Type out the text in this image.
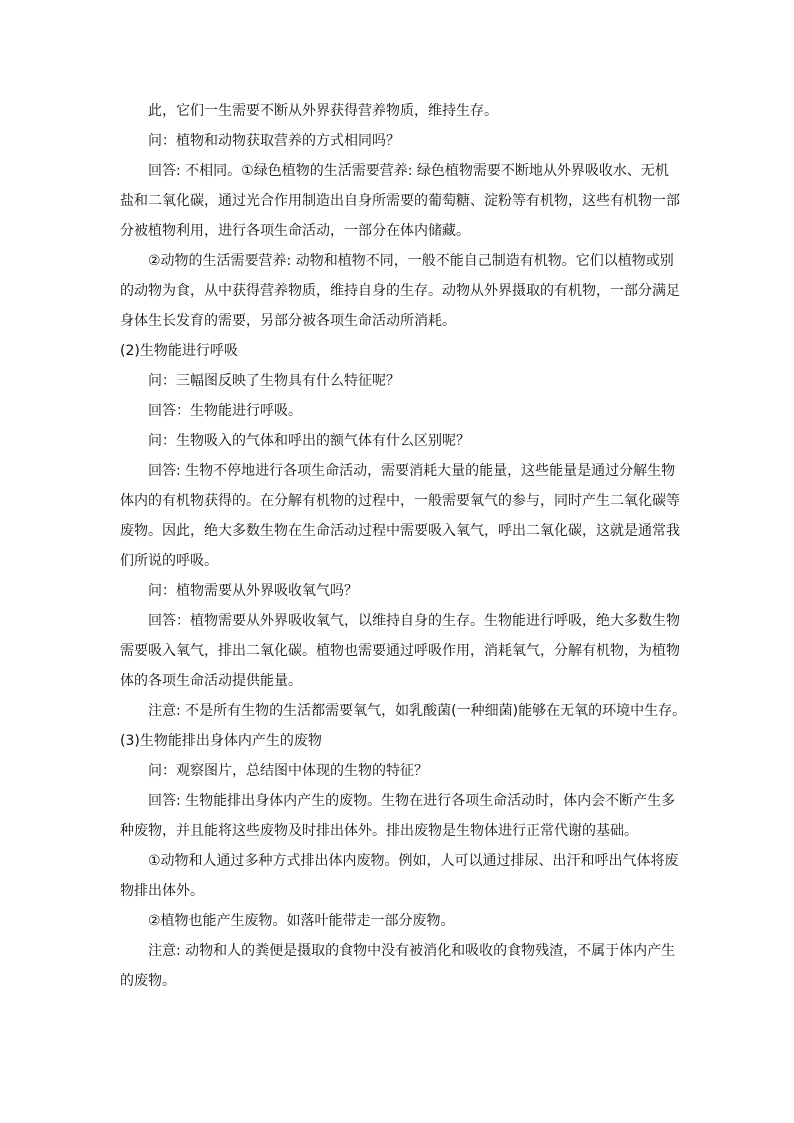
此，它们一生需要不断从外界获得营养物质，维持生存。
问：植物和动物获取营养的方式相同吗？
回答: 不相同。①绿色植物的生活需要营养: 绿色植物需要不断地从外界吸收水、无机
盐和二氧化碳，通过光合作用制造出自身所需要的葡萄糖、淀粉等有机物，这些有机物一部
分被植物利用，进行各项生命活动，一部分在体内储藏。
②动物的生活需要营养: 动物和植物不同，一般不能自己制造有机物。它们以植物或别
的动物为食，从中获得营养物质，维持自身的生存。动物从外界摄取的有机物，一部分满足
身体生长发育的需要，另部分被各项生命活动所消耗。
(2)生物能进行呼吸
问：三幅图反映了生物具有什么特征呢？
回答：生物能进行呼吸。
问：生物吸入的气体和呼出的额气体有什么区别呢？
回答: 生物不停地进行各项生命活动，需要消耗大量的能量，这些能量是通过分解生物
体内的有机物获得的。在分解有机物的过程中，一般需要氧气的参与，同时产生二氧化碳等
废物。因此，绝大多数生物在生命活动过程中需要吸入氧气，呼出二氧化碳，这就是通常我
们所说的呼吸。
问：植物需要从外界吸收氧气吗？
回答：植物需要从外界吸收氧气，以维持自身的生存。生物能进行呼吸，绝大多数生物
需要吸入氧气，排出二氧化碳。植物也需要通过呼吸作用，消耗氧气，分解有机物，为植物
体的各项生命活动提供能量。
注意: 不是所有生物的生活都需要氧气，如乳酸菌(一种细菌)能够在无氧的环境中生存。
(3)生物能排出身体内产生的废物
问：观察图片，总结图中体现的生物的特征？
回答: 生物能排出身体内产生的废物。生物在进行各项生命活动时，体内会不断产生多
种废物，并且能将这些废物及时排出体外。排出废物是生物体进行正常代谢的基础。
①动物和人通过多种方式排出体内废物。例如，人可以通过排尿、出汗和呼出气体将废
物排出体外。
②植物也能产生废物。如落叶能带走一部分废物。
注意: 动物和人的粪便是摄取的食物中没有被消化和吸收的食物残渣，不属于体内产生
的废物。
